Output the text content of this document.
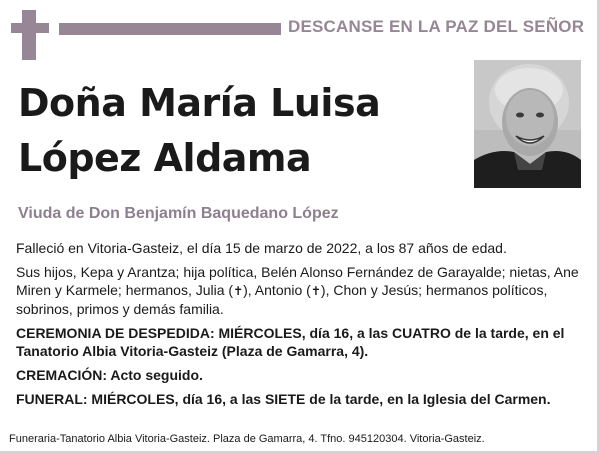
DESCANSE EN LA PAZ DEL SEÑOR
Doña María Luisa
López Aldama
Viuda de Don Benjamín Baquedano López

Falleció en Vitoria-Gasteiz, el día 15 de marzo de 2022, a los 87 años de edad.

Sus hijos, Kepa y Arantza; hija política, Belén Alonso Fernández de Garayalde; nietas, Ane Miren y Karmele; hermanos, Julia (✝), Antonio (✝), Chon y Jesús; hermanos políticos, sobrinos, primos y demás familia.

CEREMONIA DE DESPEDIDA: MIÉRCOLES, día 16, a las CUATRO de la tarde, en el Tanatorio Albia Vitoria-Gasteiz (Plaza de Gamarra, 4).

CREMACIÓN: Acto seguido.

FUNERAL: MIÉRCOLES, día 16, a las SIETE de la tarde, en la Iglesia del Carmen.

Funeraria-Tanatorio Albia Vitoria-Gasteiz. Plaza de Gamarra, 4. Tfno. 945120304. Vitoria-Gasteiz.
